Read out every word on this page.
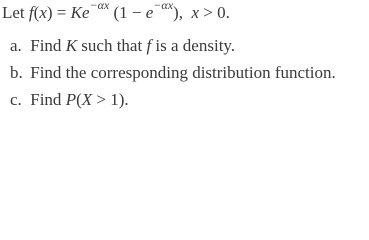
Let $f(x) = Ke^{-\alpha x}$ $(1 - e^{-\alpha x})$, x > 0.
a. Find K such that f is a density.
b. Find the corresponding distribution function.
c. Find P(X > 1).
